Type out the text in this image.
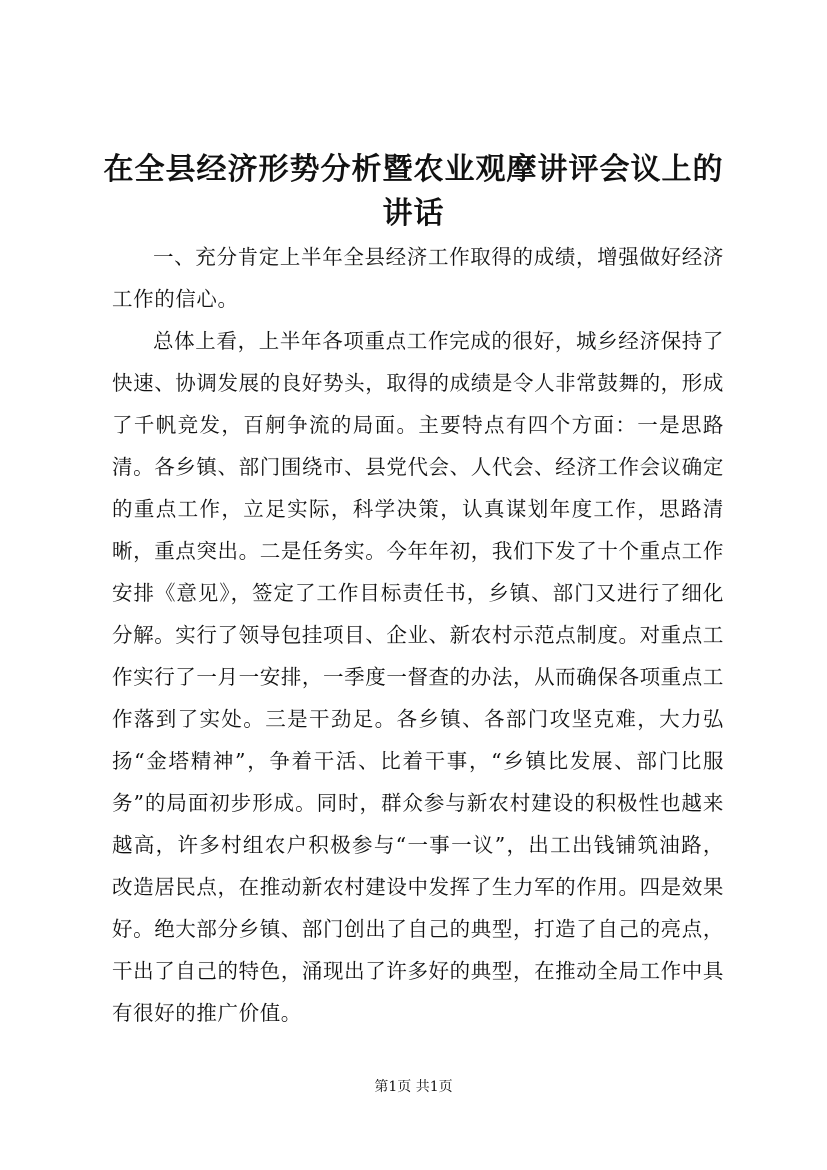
在全县经济形势分析暨农业观摩讲评会议上的讲话

一、充分肯定上半年全县经济工作取得的成绩，增强做好经济工作的信心。

总体上看，上半年各项重点工作完成的很好，城乡经济保持了快速、协调发展的良好势头，取得的成绩是令人非常鼓舞的，形成了千帆竞发，百舸争流的局面。主要特点有四个方面：一是思路清。各乡镇、部门围绕市、县党代会、人代会、经济工作会议确定的重点工作，立足实际，科学决策，认真谋划年度工作，思路清晰，重点突出。二是任务实。今年年初，我们下发了十个重点工作安排《意见》，签定了工作目标责任书，乡镇、部门又进行了细化分解。实行了领导包挂项目、企业、新农村示范点制度。对重点工作实行了一月一安排，一季度一督查的办法，从而确保各项重点工作落到了实处。三是干劲足。各乡镇、各部门攻坚克难，大力弘扬“金塔精神”，争着干活、比着干事，“乡镇比发展、部门比服务”的局面初步形成。同时，群众参与新农村建设的积极性也越来越高，许多村组农户积极参与“一事一议”，出工出钱铺筑油路，改造居民点，在推动新农村建设中发挥了生力军的作用。四是效果好。绝大部分乡镇、部门创出了自己的典型，打造了自己的亮点，干出了自己的特色，涌现出了许多好的典型，在推动全局工作中具有很好的推广价值。

第1页 共1页
